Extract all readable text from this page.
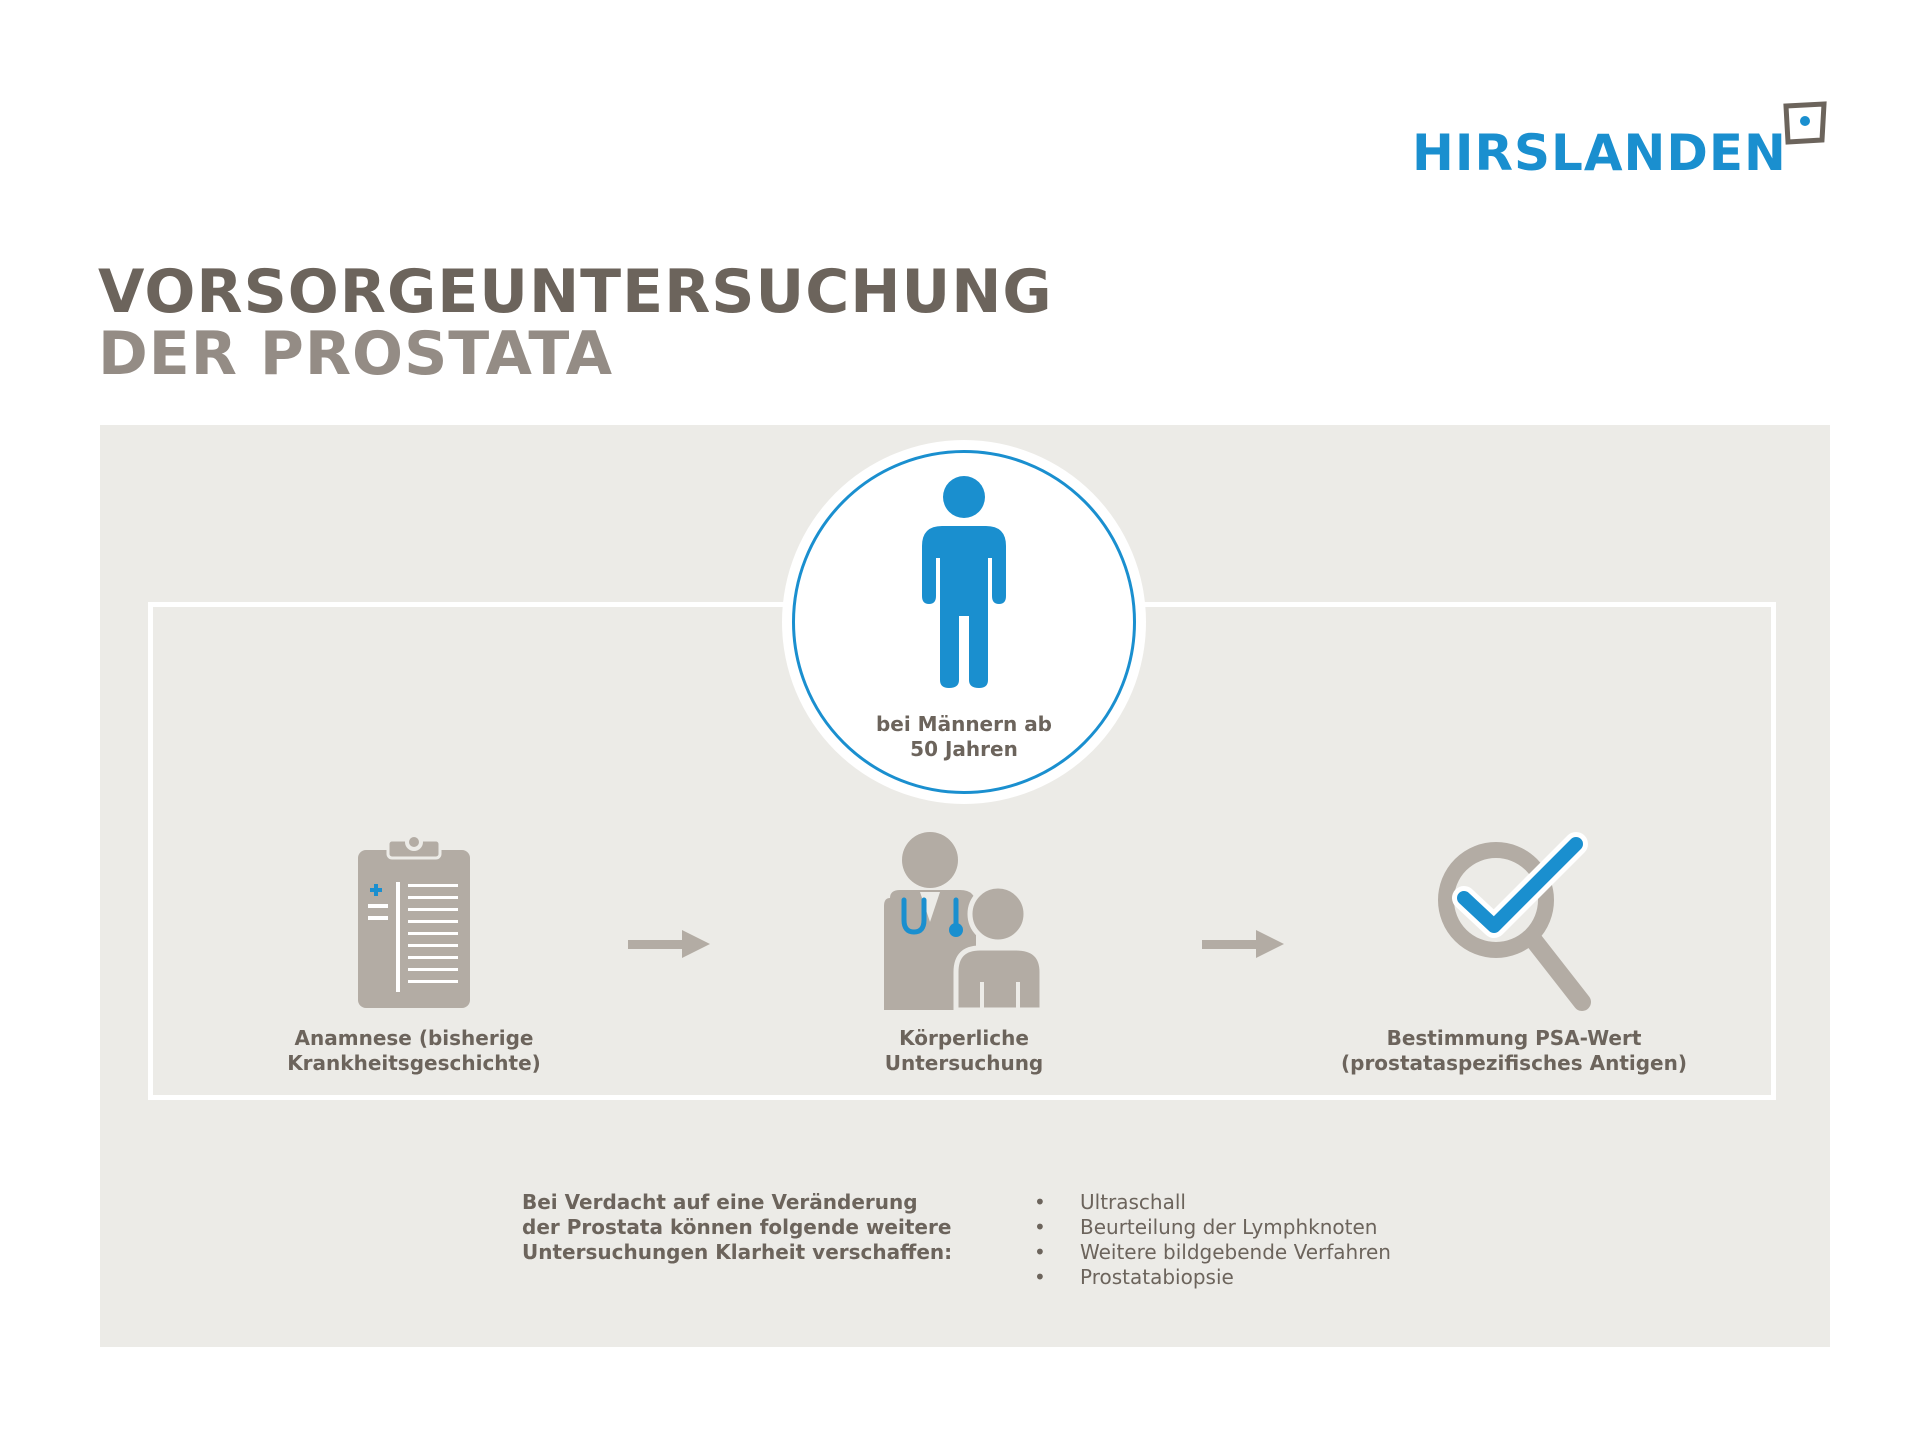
HIRSLANDEN
VORSORGEUNTERSUCHUNG
DER PROSTATA
bei Männern ab
50 Jahren
Anamnese (bisherige
Krankheitsgeschichte)
Körperliche
Untersuchung
Bestimmung PSA-Wert
(prostataspezifisches Antigen)
Bei Verdacht auf eine Veränderung
der Prostata können folgende weitere
Untersuchungen Klarheit verschaffen:
• Ultraschall
• Beurteilung der Lymphknoten
• Weitere bildgebende Verfahren
• Prostatabiopsie
